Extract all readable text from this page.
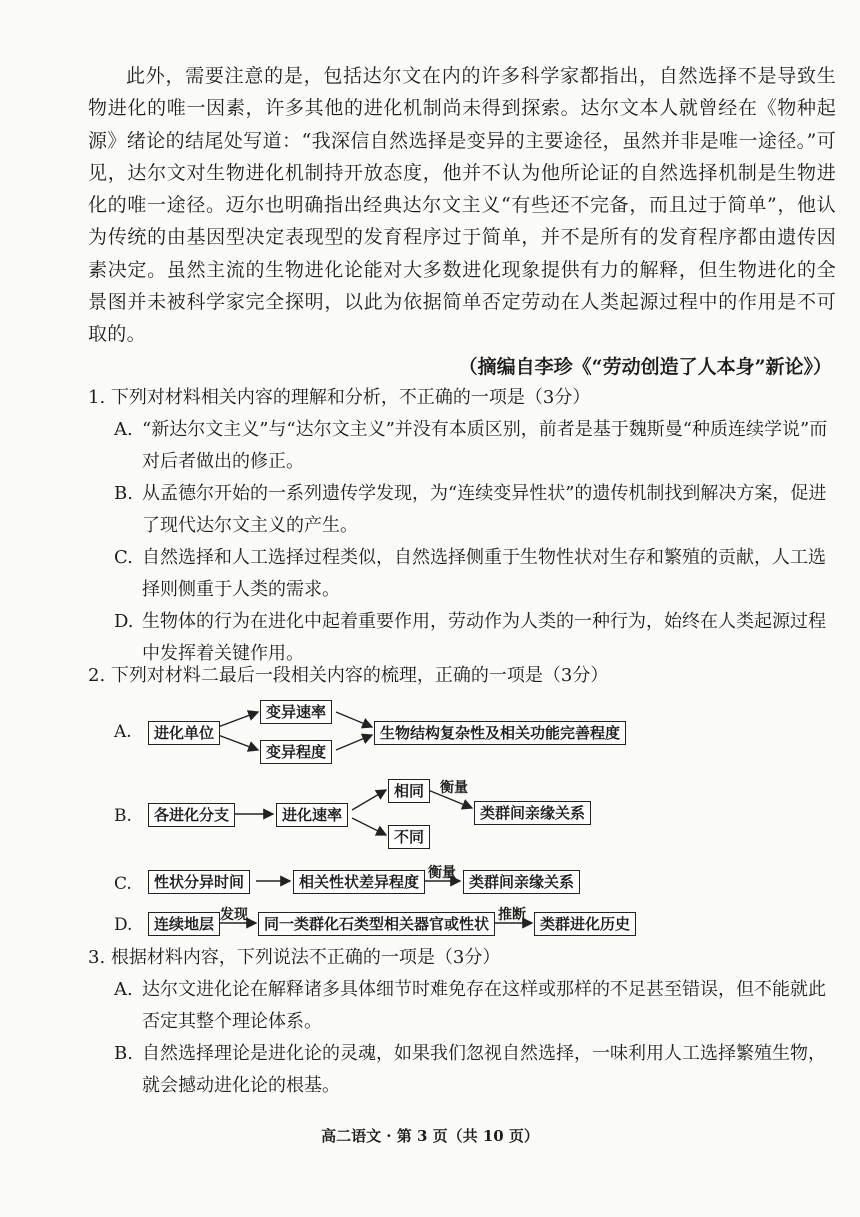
此外，需要注意的是，包括达尔文在内的许多科学家都指出，自然选择不是导致生物进化的唯一因素，许多其他的进化机制尚未得到探索。达尔文本人就曾经在《物种起源》绪论的结尾处写道：“我深信自然选择是变异的主要途径，虽然并非是唯一途径。”可见，达尔文对生物进化机制持开放态度，他并不认为他所论证的自然选择机制是生物进化的唯一途径。迈尔也明确指出经典达尔文主义“有些还不完备，而且过于简单”，他认为传统的由基因型决定表现型的发育程序过于简单，并不是所有的发育程序都由遗传因素决定。虽然主流的生物进化论能对大多数进化现象提供有力的解释，但生物进化的全景图并未被科学家完全探明，以此为依据简单否定劳动在人类起源过程中的作用是不可取的。

（摘编自李珍《“劳动创造了人本身”新论》）

1. 下列对材料相关内容的理解和分析，不正确的一项是（3分）

A. “新达尔文主义”与“达尔文主义”并没有本质区别，前者是基于魏斯曼“种质连续学说”而对后者做出的修正。

B. 从孟德尔开始的一系列遗传学发现，为“连续变异性状”的遗传机制找到解决方案，促进了现代达尔文主义的产生。

C. 自然选择和人工选择过程类似，自然选择侧重于生物性状对生存和繁殖的贡献，人工选择则侧重于人类的需求。

D. 生物体的行为在进化中起着重要作用，劳动作为人类的一种行为，始终在人类起源过程中发挥着关键作用。

2. 下列对材料二最后一段相关内容的梳理，正确的一项是（3分）

A.	进化单位
变异速率
变异程度
生物结构复杂性及相关功能完善程度
B.	各进化分支	进化速率
相同
不同
衡量
类群间亲缘关系
C.	性状分异时间	相关性状差异程度 衡量 类群间亲缘关系
D.	连续地层 发现	同一类群化石类型相关器官或性状 推断 类群进化历史

3. 根据材料内容，下列说法不正确的一项是（3分）

A. 达尔文进化论在解释诸多具体细节时难免存在这样或那样的不足甚至错误，但不能就此否定其整个理论体系。

B. 自然选择理论是进化论的灵魂，如果我们忽视自然选择，一味利用人工选择繁殖生物，就会撼动进化论的根基。

高二语文 · 第 3 页（共 10 页）
